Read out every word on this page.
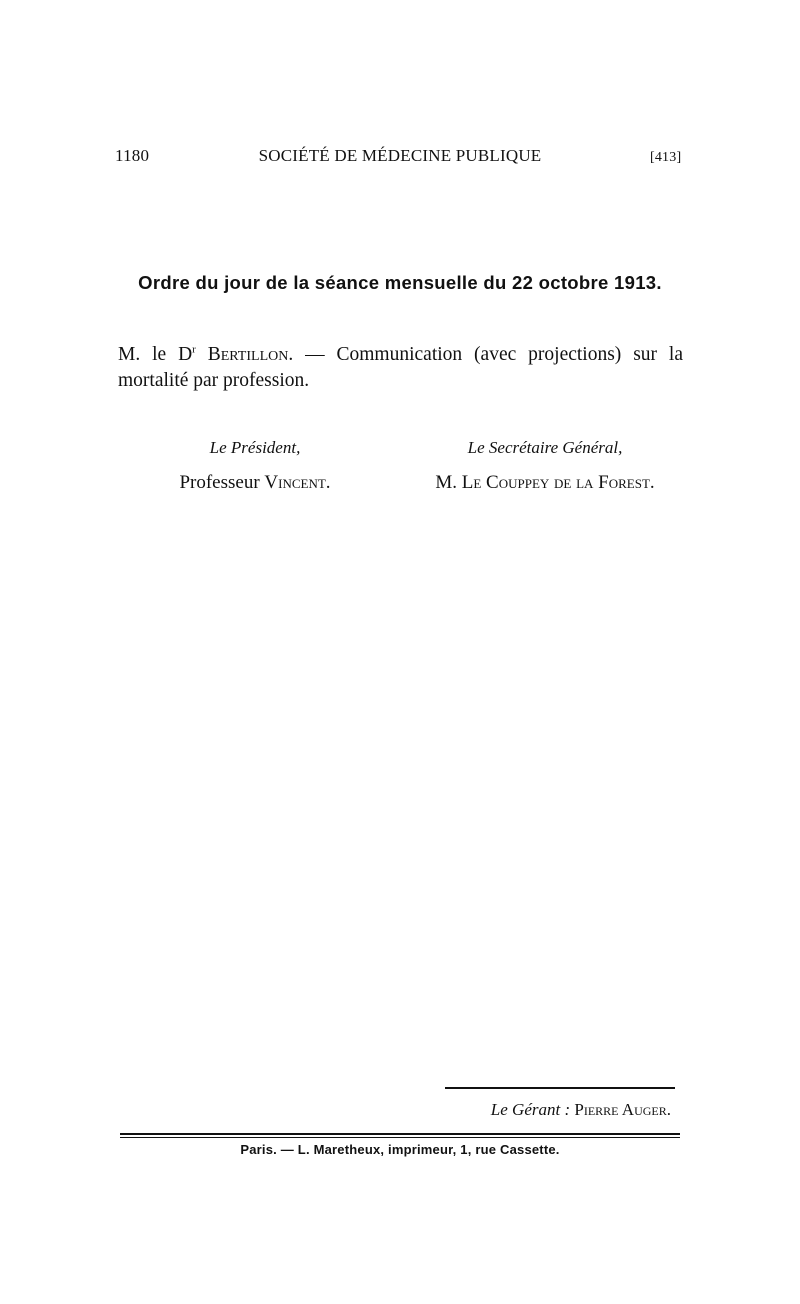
1180	SOCIÉTÉ DE MÉDECINE PUBLIQUE	[413]
Ordre du jour de la séance mensuelle du 22 octobre 1913.
M. le $D^r$ Bertillon. — Communication (avec projections) sur la mortalité par profession.
Le Président,
Professeur Vincent.
Le Secrétaire Général,
M. Le Couppey de la Forest.
Le Gérant : Pierre Auger.
Paris. — L. Maretheux, imprimeur, 1, rue Cassette.
